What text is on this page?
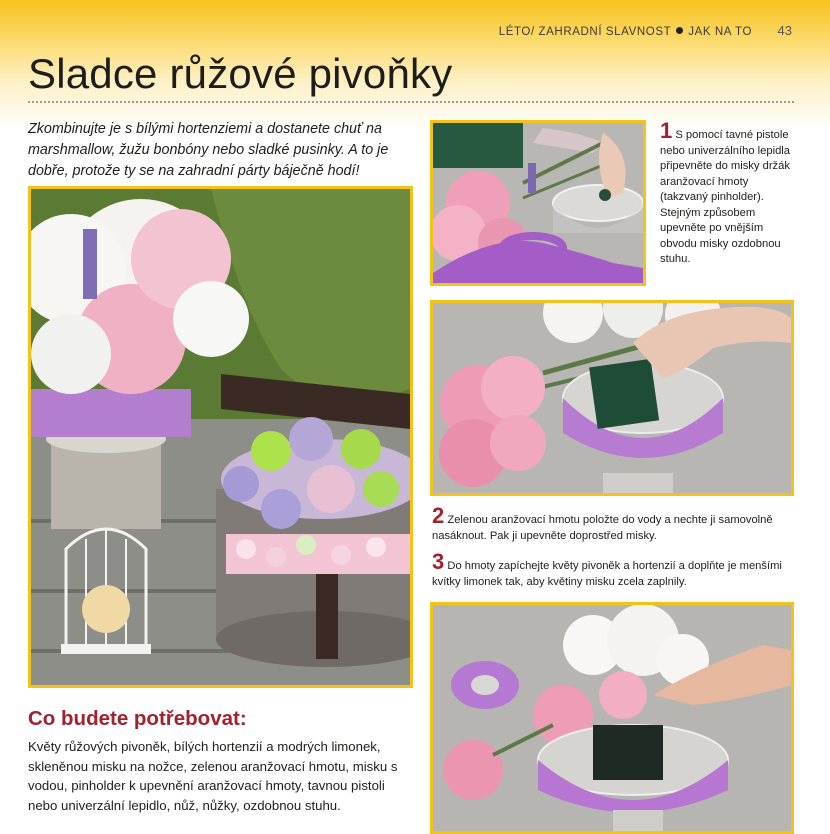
LÉTO/ ZAHRADNÍ SLAVNOST JAK NA TO 43
Sladce růžové pivoňky

Zkombinujte je s bílými hortenziemi a dostanete chuť na marshmallow, žužu bonbóny nebo sladké pusinky. A to je dobře, protože ty se na zahradní párty báječně hodí!

1 S pomocí tavné pistole nebo univerzálního lepidla připevněte do misky držák aranžovací hmoty (takzvaný pinholder). Stejným způsobem upevněte po vnějším obvodu misky ozdobnou stuhu.
2 Zelenou aranžovací hmotu položte do vody a nechte ji samovolně nasáknout. Pak ji upevněte doprostřed misky.
3 Do hmoty zapíchejte květy pivoněk a hortenzií a doplňte je menšími kvítky limonek tak, aby květiny misku zcela zaplnily.
Co budete potřebovat:

Květy růžových pivoněk, bílých hortenzií a modrých limonek, skleněnou misku na nožce, zelenou aranžovací hmotu, misku s vodou, pinholder k upevnění aranžovací hmoty, tavnou pistoli nebo univerzální lepidlo, nůž, nůžky, ozdobnou stuhu.
